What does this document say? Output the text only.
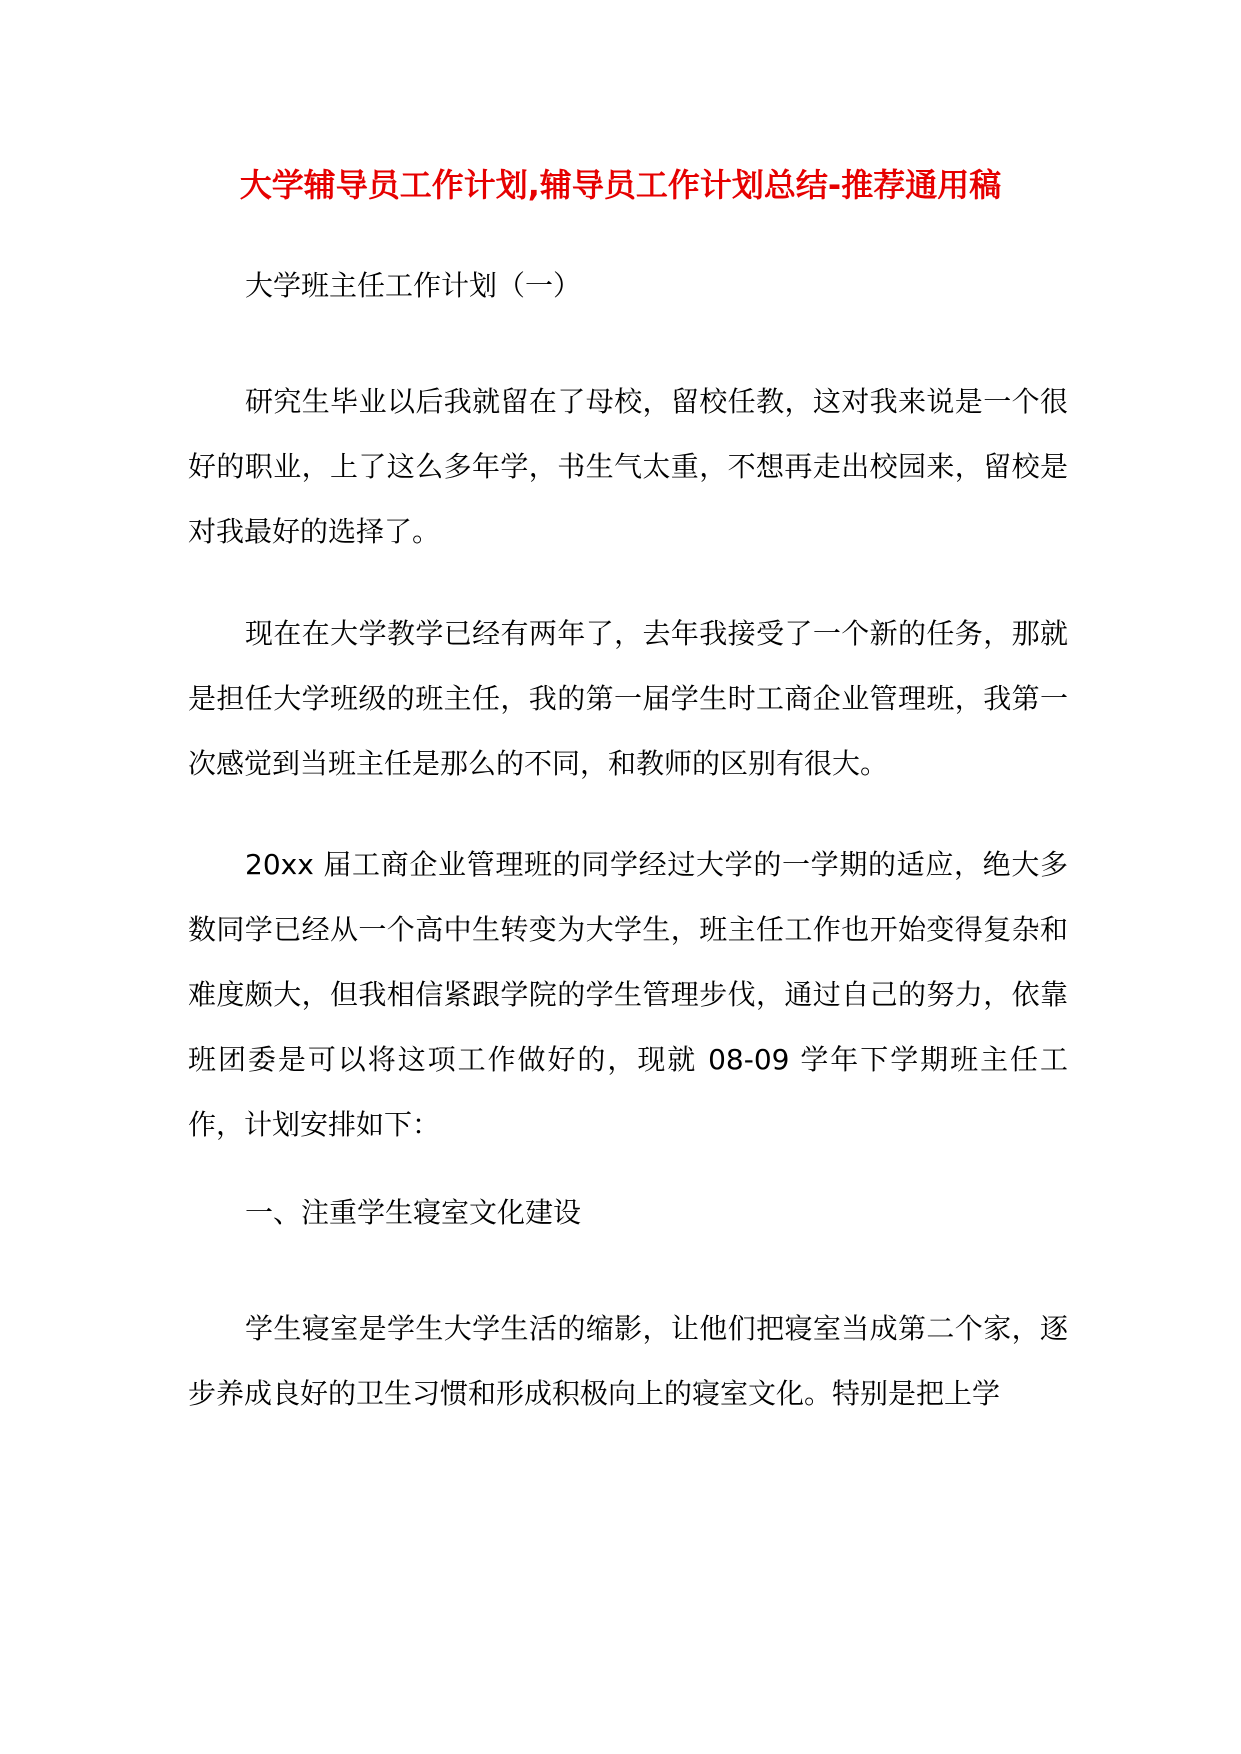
大学辅导员工作计划,辅导员工作计划总结-推荐通用稿

大学班主任工作计划（一）

研究生毕业以后我就留在了母校，留校任教，这对我来说是一个很好的职业，上了这么多年学，书生气太重，不想再走出校园来，留校是对我最好的选择了。

现在在大学教学已经有两年了，去年我接受了一个新的任务，那就是担任大学班级的班主任，我的第一届学生时工商企业管理班，我第一次感觉到当班主任是那么的不同，和教师的区别有很大。

20xx 届工商企业管理班的同学经过大学的一学期的适应，绝大多数同学已经从一个高中生转变为大学生，班主任工作也开始变得复杂和难度颇大，但我相信紧跟学院的学生管理步伐，通过自己的努力，依靠班团委是可以将这项工作做好的，现就 08-09 学年下学期班主任工作，计划安排如下：

一、注重学生寝室文化建设

学生寝室是学生大学生活的缩影，让他们把寝室当成第二个家，逐步养成良好的卫生习惯和形成积极向上的寝室文化。特别是把上学
